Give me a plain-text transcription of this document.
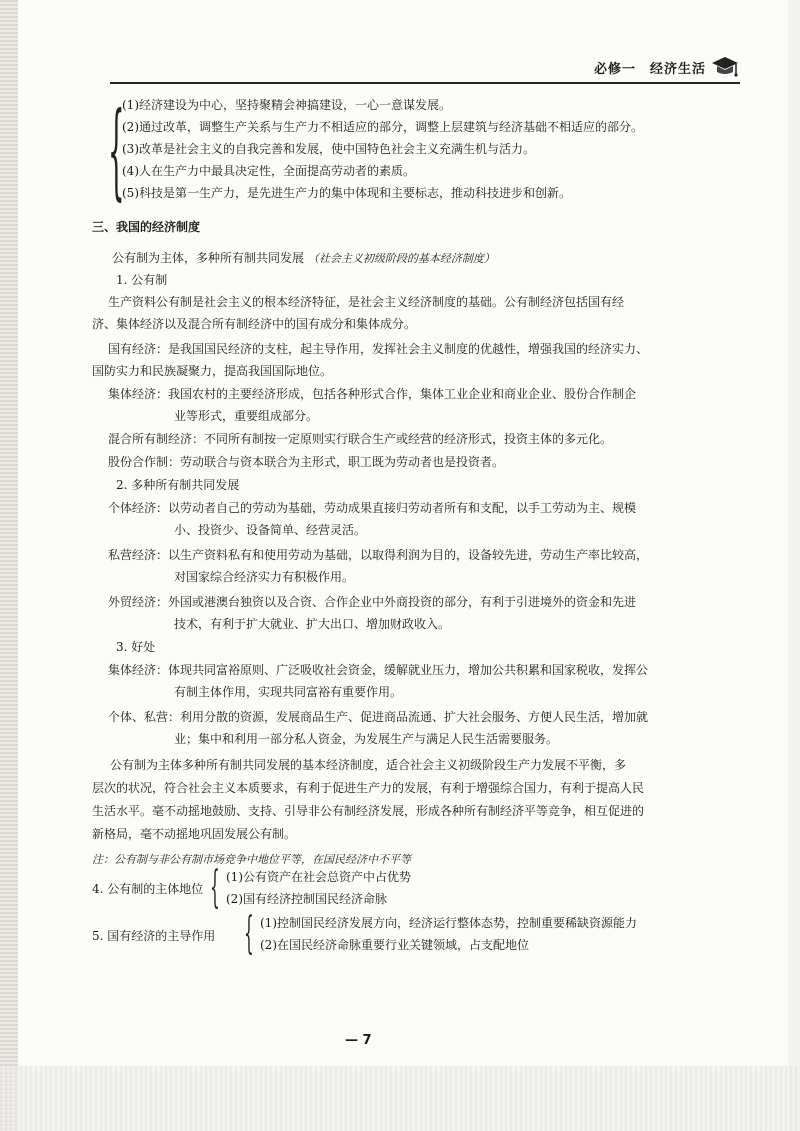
必修一　经济生活
{
(1)经济建设为中心，坚持聚精会神搞建设，一心一意谋发展。
(2)通过改革，调整生产关系与生产力不相适应的部分，调整上层建筑与经济基础不相适应的部分。
(3)改革是社会主义的自我完善和发展，使中国特色社会主义充满生机与活力。
(4)人在生产力中最具决定性，全面提高劳动者的素质。
(5)科技是第一生产力，是先进生产力的集中体现和主要标志，推动科技进步和创新。
三、我国的经济制度
公有制为主体，多种所有制共同发展 （社会主义初级阶段的基本经济制度）
1. 公有制
生产资料公有制是社会主义的根本经济特征，是社会主义经济制度的基础。公有制经济包括国有经
济、集体经济以及混合所有制经济中的国有成分和集体成分。
国有经济：是我国国民经济的支柱，起主导作用，发挥社会主义制度的优越性，增强我国的经济实力、
国防实力和民族凝聚力，提高我国国际地位。
集体经济：我国农村的主要经济形成，包括各种形式合作，集体工业企业和商业企业、股份合作制企
业等形式，重要组成部分。
混合所有制经济：不同所有制按一定原则实行联合生产或经营的经济形式，投资主体的多元化。
股份合作制：劳动联合与资本联合为主形式，职工既为劳动者也是投资者。
2. 多种所有制共同发展
个体经济：以劳动者自己的劳动为基础，劳动成果直接归劳动者所有和支配，以手工劳动为主、规模
小、投资少、设备简单、经营灵活。
私营经济：以生产资料私有和使用劳动为基础，以取得利润为目的，设备较先进，劳动生产率比较高，
对国家综合经济实力有积极作用。
外贸经济：外国或港澳台独资以及合资、合作企业中外商投资的部分，有利于引进境外的资金和先进
技术，有利于扩大就业、扩大出口、增加财政收入。
3. 好处
集体经济：体现共同富裕原则、广泛吸收社会资金，缓解就业压力，增加公共积累和国家税收，发挥公
有制主体作用，实现共同富裕有重要作用。
个体、私营：利用分散的资源，发展商品生产、促进商品流通、扩大社会服务、方便人民生活，增加就
业；集中和利用一部分私人资金，为发展生产与满足人民生活需要服务。
公有制为主体多种所有制共同发展的基本经济制度，适合社会主义初级阶段生产力发展不平衡，多
层次的状况，符合社会主义本质要求，有利于促进生产力的发展，有利于增强综合国力，有利于提高人民
生活水平。毫不动摇地鼓励、支持、引导非公有制经济发展，形成各种所有制经济平等竞争，相互促进的
新格局，毫不动摇地巩固发展公有制。
注：公有制与非公有制市场竞争中地位平等，在国民经济中不平等
4. 公有制的主体地位 { (1)公有资产在社会总资产中占优势
(2)国有经济控制国民经济命脉
5. 国有经济的主导作用 { (1)控制国民经济发展方向，经济运行整体态势，控制重要稀缺资源能力
(2)在国民经济命脉重要行业关键领域，占支配地位
— 7
